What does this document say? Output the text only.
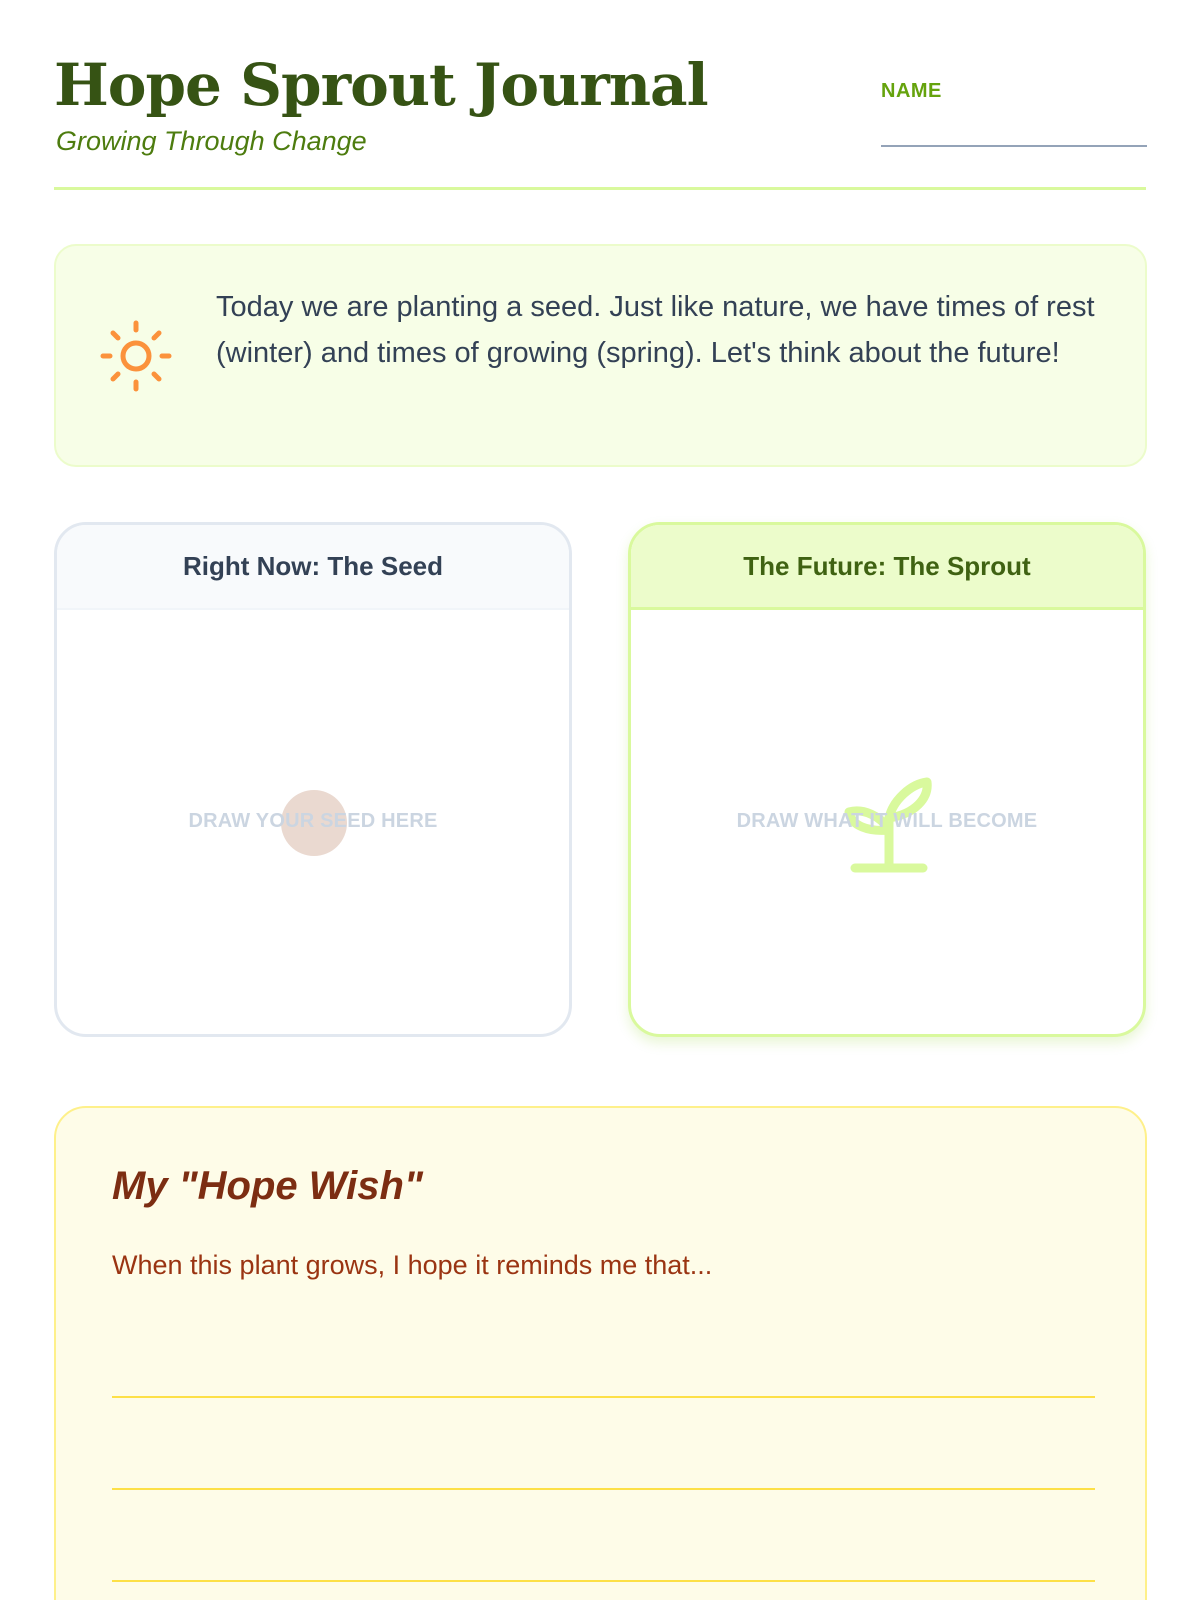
Hope Sprout Journal
Growing Through Change
NAME

Today we are planting a seed. Just like nature, we have times of rest (winter) and times of growing (spring). Let's think about the future!

Right Now: The Seed
DRAW YOUR SEED HERE
The Future: The Sprout
DRAW WHAT IT WILL BECOME
My "Hope Wish"
When this plant grows, I hope it reminds me that...
